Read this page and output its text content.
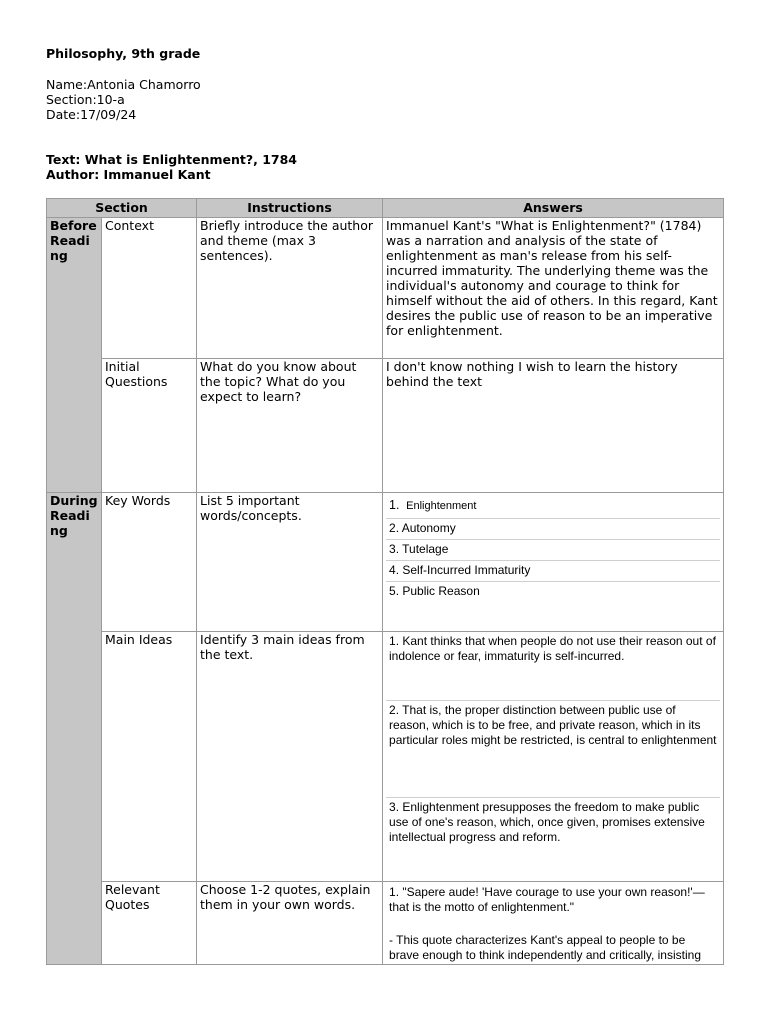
Philosophy, 9th grade
Name:Antonia Chamorro
Section:10-a
Date:17/09/24
Text: What is Enlightenment?, 1784
Author: Immanuel Kant
Section		Instructions	Answers
Before Reading	Context	Briefly introduce the author and theme (max 3 sentences).	Immanuel Kant's "What is Enlightenment?" (1784) was a narration and analysis of the state of enlightenment as man's release from his self-incurred immaturity. The underlying theme was the individual's autonomy and courage to think for himself without the aid of others. In this regard, Kant desires the public use of reason to be an imperative for enlightenment.
	Initial Questions	What do you know about the topic? What do you expect to learn?	I don't know nothing I wish to learn the history behind the text
During Reading	Key Words	List 5 important words/concepts.	1. Enlightenment
2. Autonomy
3. Tutelage
4. Self-Incurred Immaturity
5. Public Reason

	Main Ideas	Identify 3 main ideas from the text.	1. Kant thinks that when people do not use their reason out of indolence or fear, immaturity is self-incurred.
2. That is, the proper distinction between public use of reason, which is to be free, and private reason, which in its particular roles might be restricted, is central to enlightenment
3. Enlightenment presupposes the freedom to make public use of one's reason, which, once given, promises extensive intellectual progress and reform.

	Relevant Quotes	Choose 1-2 quotes, explain them in your own words.	1. "Sapere aude! 'Have courage to use your own reason!'— that is the motto of enlightenment."
- This quote characterizes Kant's appeal to people to be brave enough to think independently and critically, insisting
